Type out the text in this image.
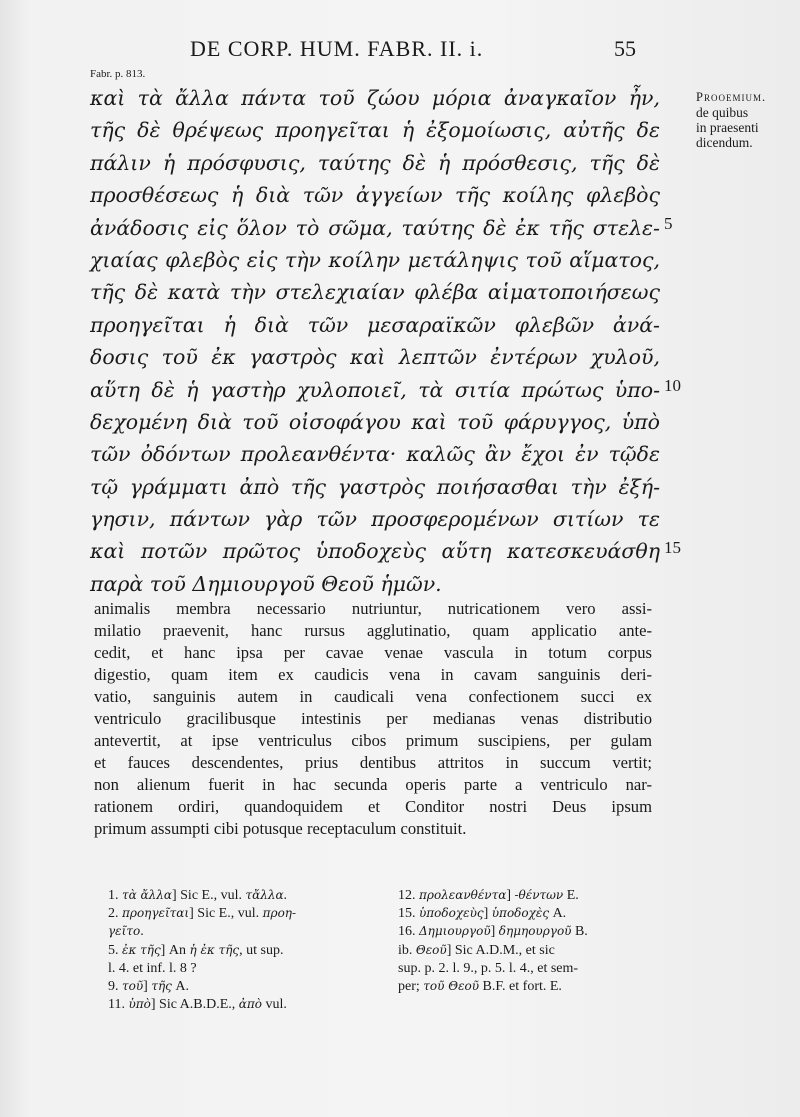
DE CORP. HUM. FABR. II. i.	55
Fabr. p. 813.
καὶ τὰ ἄλλα πάντα τοῦ ζώου μόρια ἀναγκαῖον ἦν,
τῆς δὲ θρέψεως προηγεῖται ἡ ἐξομοίωσις, αὐτῆς δε
πάλιν ἡ πρόσφυσις, ταύτης δὲ ἡ πρόσθεσις, τῆς δὲ
προσθέσεως ἡ διὰ τῶν ἀγγείων τῆς κοίλης φλεβὸς
ἀνάδοσις εἰς ὅλον τὸ σῶμα, ταύτης δὲ ἐκ τῆς στελε-
χιαίας φλεβὸς εἰς τὴν κοίλην μετάληψις τοῦ αἵματος,
τῆς δὲ κατὰ τὴν στελεχιαίαν φλέβα αἱματοποιήσεως
προηγεῖται ἡ διὰ τῶν μεσαραϊκῶν φλεβῶν ἀνά-
δοσις τοῦ ἐκ γαστρὸς καὶ λεπτῶν ἐντέρων χυλοῦ,
αὕτη δὲ ἡ γαστὴρ χυλοποιεῖ, τὰ σιτία πρώτως ὑπο-
δεχομένη διὰ τοῦ οἰσοφάγου καὶ τοῦ φάρυγγος, ὑπὸ
τῶν ὀδόντων προλεανθέντα· καλῶς ἂν ἔχοι ἐν τῷδε
τῷ γράμματι ἀπὸ τῆς γαστρὸς ποιήσασθαι τὴν ἐξή-
γησιν, πάντων γὰρ τῶν προσφερομένων σιτίων τε
καὶ ποτῶν πρῶτος ὑποδοχεὺς αὕτη κατεσκευάσθη
παρὰ τοῦ Δημιουργοῦ Θεοῦ ἡμῶν.
5
10
15
Prooemium.
de quibus
in praesenti
dicendum.
animalis membra necessario nutriuntur, nutricationem vero assi-
milatio praevenit, hanc rursus agglutinatio, quam applicatio ante-
cedit, et hanc ipsa per cavae venae vascula in totum corpus
digestio, quam item ex caudicis vena in cavam sanguinis deri-
vatio, sanguinis autem in caudicali vena confectionem succi ex
ventriculo gracilibusque intestinis per medianas venas distributio
antevertit, at ipse ventriculus cibos primum suscipiens, per gulam
et fauces descendentes, prius dentibus attritos in succum vertit;
non alienum fuerit in hac secunda operis parte a ventriculo nar-
rationem ordiri, quandoquidem et Conditor nostri Deus ipsum
primum assumpti cibi potusque receptaculum constituit.
1. τὰ ἄλλα] Sic E., vul. τἄλλα.
2. προηγεῖται] Sic E., vul. προη-
γεῖτο.
5. ἐκ τῆς] An ἡ ἐκ τῆς, ut sup.
l. 4. et inf. l. 8 ?
9. τοῦ] τῆς A.
11. ὑπὸ] Sic A.B.D.E., ἀπὸ vul.
12. προλεανθέντα] -θέντων E.
15. ὑποδοχεὺς] ὑποδοχὲς A.
16. Δημιουργοῦ] δημηουργοῦ B.
ib. Θεοῦ] Sic A.D.M., et sic
sup. p. 2. l. 9., p. 5. l. 4., et sem-
per; τοῦ Θεοῦ B.F. et fort. E.
